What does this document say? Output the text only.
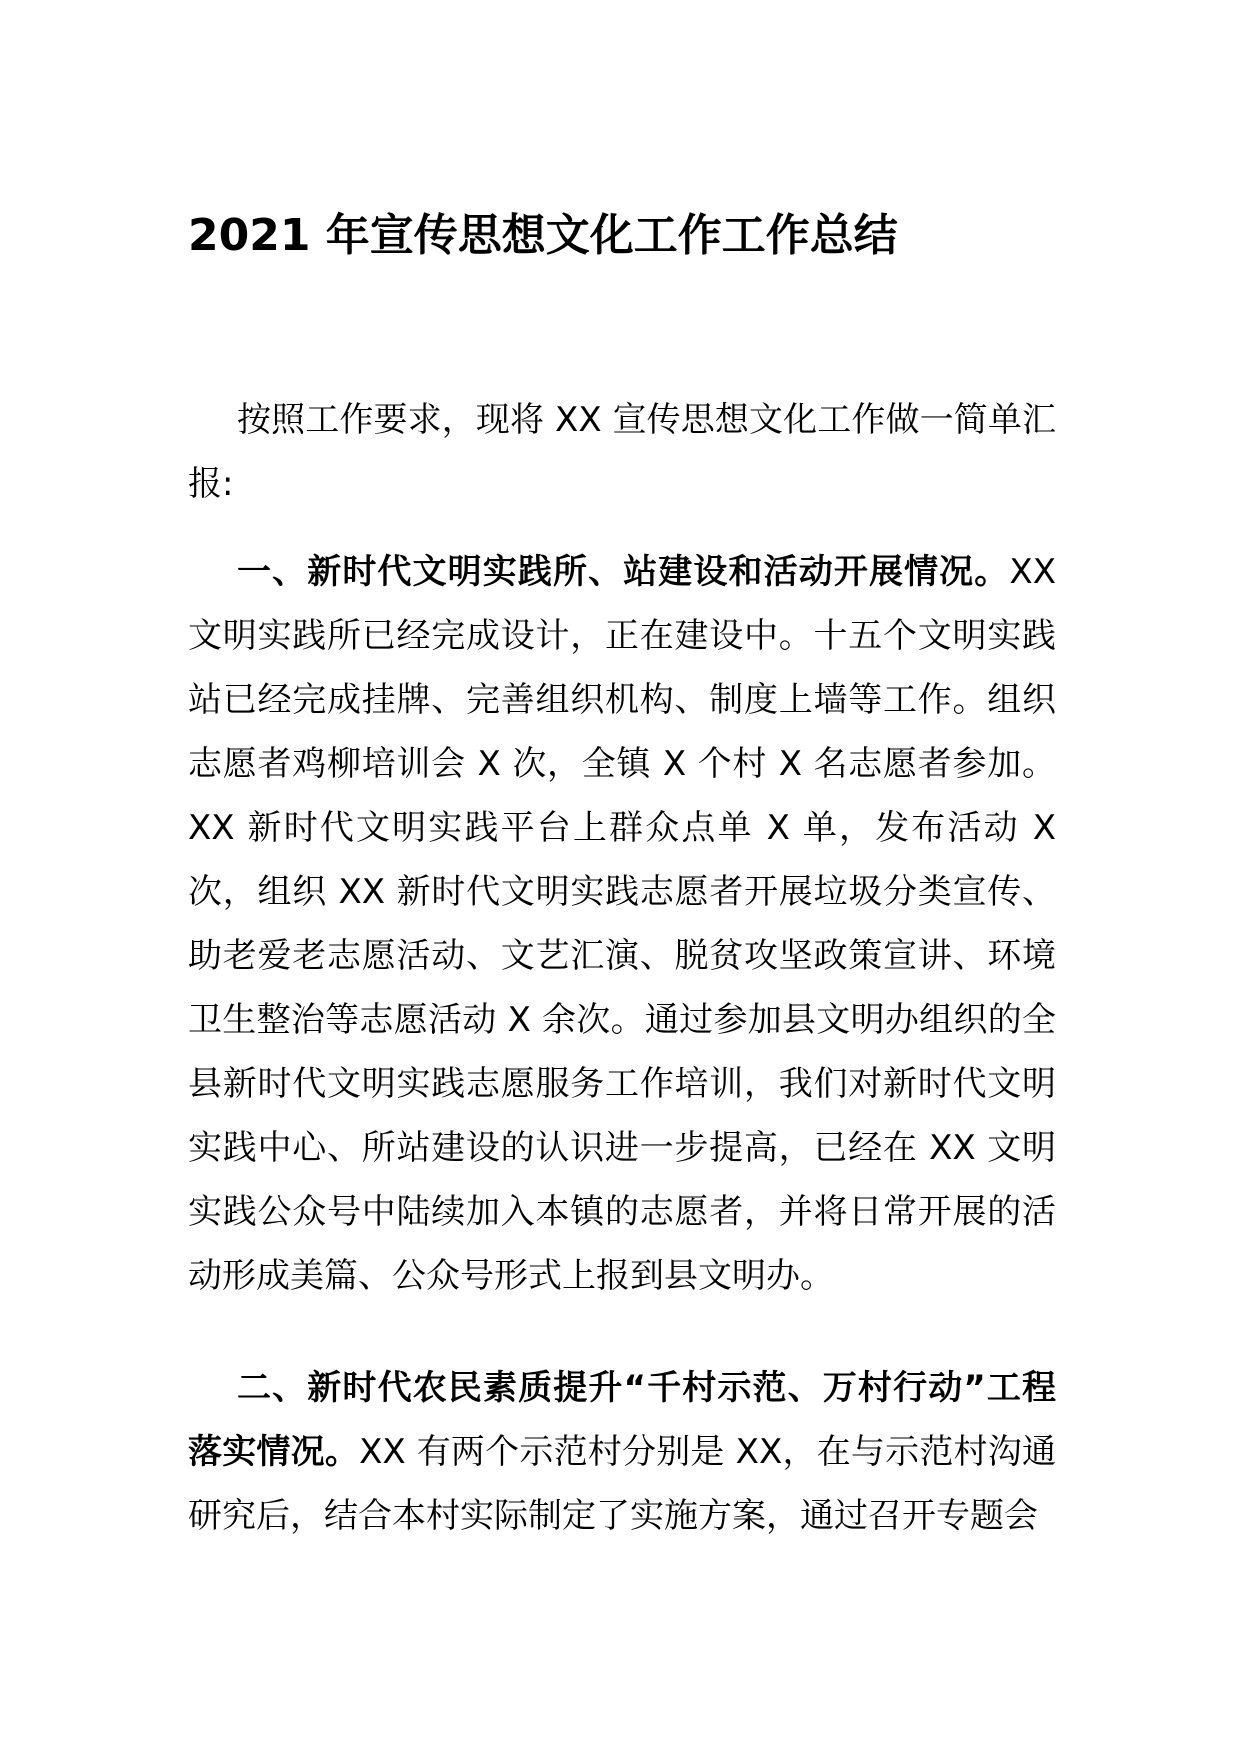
2021 年宣传思想文化工作工作总结

按照工作要求，现将 XX 宣传思想文化工作做一简单汇报:

一、新时代文明实践所、站建设和活动开展情况。XX 文明实践所已经完成设计，正在建设中。十五个文明实践站已经完成挂牌、完善组织机构、制度上墙等工作。组织志愿者鸡柳培训会 X 次，全镇 X 个村 X 名志愿者参加。XX 新时代文明实践平台上群众点单 X 单，发布活动 X 次，组织 XX 新时代文明实践志愿者开展垃圾分类宣传、助老爱老志愿活动、文艺汇演、脱贫攻坚政策宣讲、环境卫生整治等志愿活动 X 余次。通过参加县文明办组织的全县新时代文明实践志愿服务工作培训，我们对新时代文明实践中心、所站建设的认识进一步提高，已经在 XX 文明实践公众号中陆续加入本镇的志愿者，并将日常开展的活动形成美篇、公众号形式上报到县文明办。

二、新时代农民素质提升“千村示范、万村行动”工程落实情况。XX 有两个示范村分别是 XX，在与示范村沟通研究后，结合本村实际制定了实施方案，通过召开专题会
